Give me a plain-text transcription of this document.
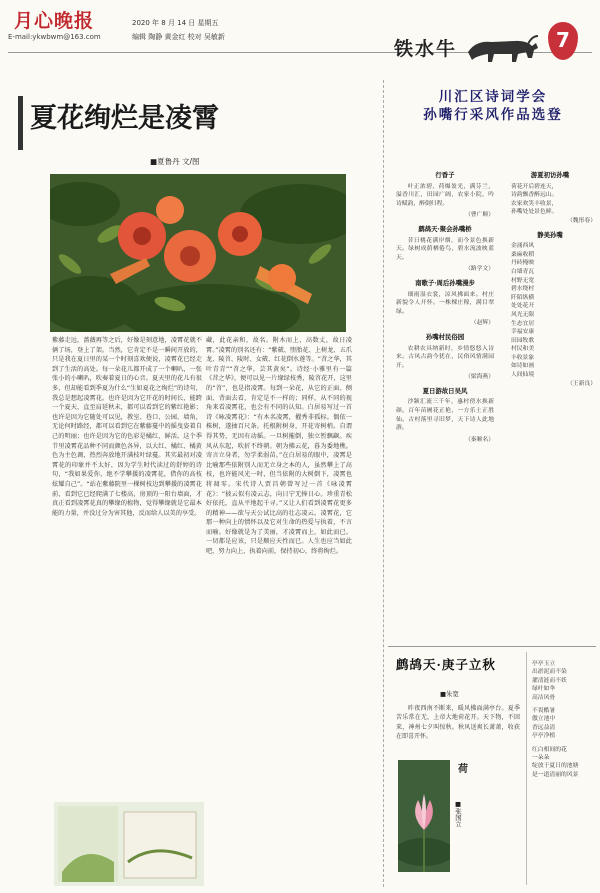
月心晚报
E-mail:ykwbwm@163.com
2020 年 8 月 14 日 星期五
编辑 陶静 黄金红 校对 吴敏新
铁水牛	7
夏花绚烂是凌霄
■夏鲁丹 文/图
紫藤走远，蔷薇再等之后，好像是刻意地，凌霄花就不俩了场，登上了架。当然，它肯定不是一瞬间开放的，只是我在夏日里的某一个时刻喜欢便说，凌霄花已经走到了生活的高处。每一朵花儿都开成了一个喇叭，一张张小的小喇叭，吹奏着夏日的心音。夏天里的花儿有很多，但却能看到季夏为什么“生如夏花之绚烂”的诗句，我总是想起凌霄花。也许是因为它开花的时间长，能跨一个夏天，直至肩延秋末，都可以看到它的紫红艳影；也许是因为它随处可以见，教室、巷口、公园、墙角，无论何时路经，都可以看到它在紫藤蔓中的摇曳姿着自己的明丽；也许是因为它的色彩是橘红，鲜活。这个季节里凌霄花品种不同而颜色各异，以大红、橘红、橘黄色为主色调，热烈奔放地开满枝叶绿蔓。其实最初对凌霄花的印象并不太好，因为学生时代读过的舒婷的诗句，“我如果爱你，绝不学攀援的凌霄花，借你的高枝炫耀自己”。“站在紫藤院里一棵树枝边到攀援的凌霄花前，看到它已经爬满了七楼高，房顶的一阳台墙面，才真正看到凌霄花真的攀缘的植物，觉得攀缘就是它最本能的力量，并没过分为害其他，反而给人以美的享受。
藏，此花亲和，故名。附木而上，高数丈，故日凌霄。”凌霄的别名还有：“紫葳、堕胎花、上树龙、五爪龙、陵苕、陵时、女葳、红花倒水莲等。“苕之华，其叶青青”“苕之华，芸其黄矣”。诗经·小雅里有一篇《苕之华》，便可以见一片缘绿枝秀，陵苕花开，这里的“苕”，也是指凌霄。每到一朵花，从它的正面、侧面、背面去看，肯定是不一样的；同样，从不同的视角来看凌霄花，也会有不同的认知。白居易写过一首诗《咏凌霄花》：“有木名凌霄，擢秀非孤标。偶依一株树，遂抽百尺条。托根附树身，开花寄树梢。自谓得其势，无因有动摇。一旦树摧倒，独立暂飘飖。疾风从东起，吹折不终朝。朝为拂云花，暮为委地樵。寄言立身者，勿学柔弱苗。”在白居易的眼中，凌霄是比喻那些依附别人而无立身之本的人，虽然攀上了高枝，也许能风光一时，但当依附的大树倒下，凌霄也将凋零。宋代诗人贾昌朝曾写过一首《咏凌霄花》：“披云似有凌云志，向日宁无捧日心。珍重青松好依托，直从平地起千寻。”又让人们看到凌霄花更多的精神——欲与天公试比高的壮志凌云。凌霄花，它那一种向上的情怀以及它对生命的热爱与执着，不言而喻。好像就是为了美丽，才凌霄而上，如此而已。一切都是应该，只是顺应天性而已。人生也应当如此吧，努力向上，执着向前，保持初心，终将绚烂。
川汇区诗词学会
孙嘴行采风作品选登
行香子

叶正浓碧，荷爆盈光，满芬兰，溢香川汇，田园广阔，农家小院，吟诗赋韵，醉倒归程。

（曹广顺）
鹧鸪天·聚会孙嘴桥

昔日桃花满岸烟，而今景色换新天。绿树成荫栖倦鸟，碧水流波映蓝天。

（路学文）
南歌子·周后孙嘴漫步

细雨湿衣裳，凉风拂面来。村庄新貌令人开怀。一株棵庄稼，满目翠绿。

（赵辉）
孙嘴村民俗园

农耕农具纳新时，乡情悠悠入诗来。古风古韵今犹在，民俗风情满园开。

（梁海燕）
夏日游故日吴风

沙颍汇流三千年，惠村傍水换新颜。百年苗圃花正艳，一方乐土正胜仙。古村落里寻旧梦，天下诗人此地游。

（秦顺名）
游夏初访孙嘴
荷花开后碧连天，
诗韵飘香醉远山。
农家欢笑丰收景，
孙嘴处处景色鲜。
（魏彤春）
静美孙嘴
金涌西风
桑麻收稻
丹砖掩映
白墙青瓦
村野无宽
碧水绕村
阡陌纵横
处处花开
风光无限
生态宜居
幸福安康
田园牧歌
村民和美
丰收景象
如诗如画
人间仙境
（王新良）
鹧鸪天·庚子立秋
■朱宽

昨夜西南不断来，暖风拂面满亭台。夏季苦乐常在无，上帝大地荷花开。天下物，不回来，神州七夕叫惊秋。秋风送爽长萧萧，收获在即喜开怀。

荷
■张国立
亭亭玉立
出淤泥而不染
濯清涟而不妖
绿叶如伞
高洁风骨
不畏酷暑
傲立池中
香远益清
亭亭净植
红白相间的花
一朵朵
绽放于夏日的池塘
是一道清丽的风景
